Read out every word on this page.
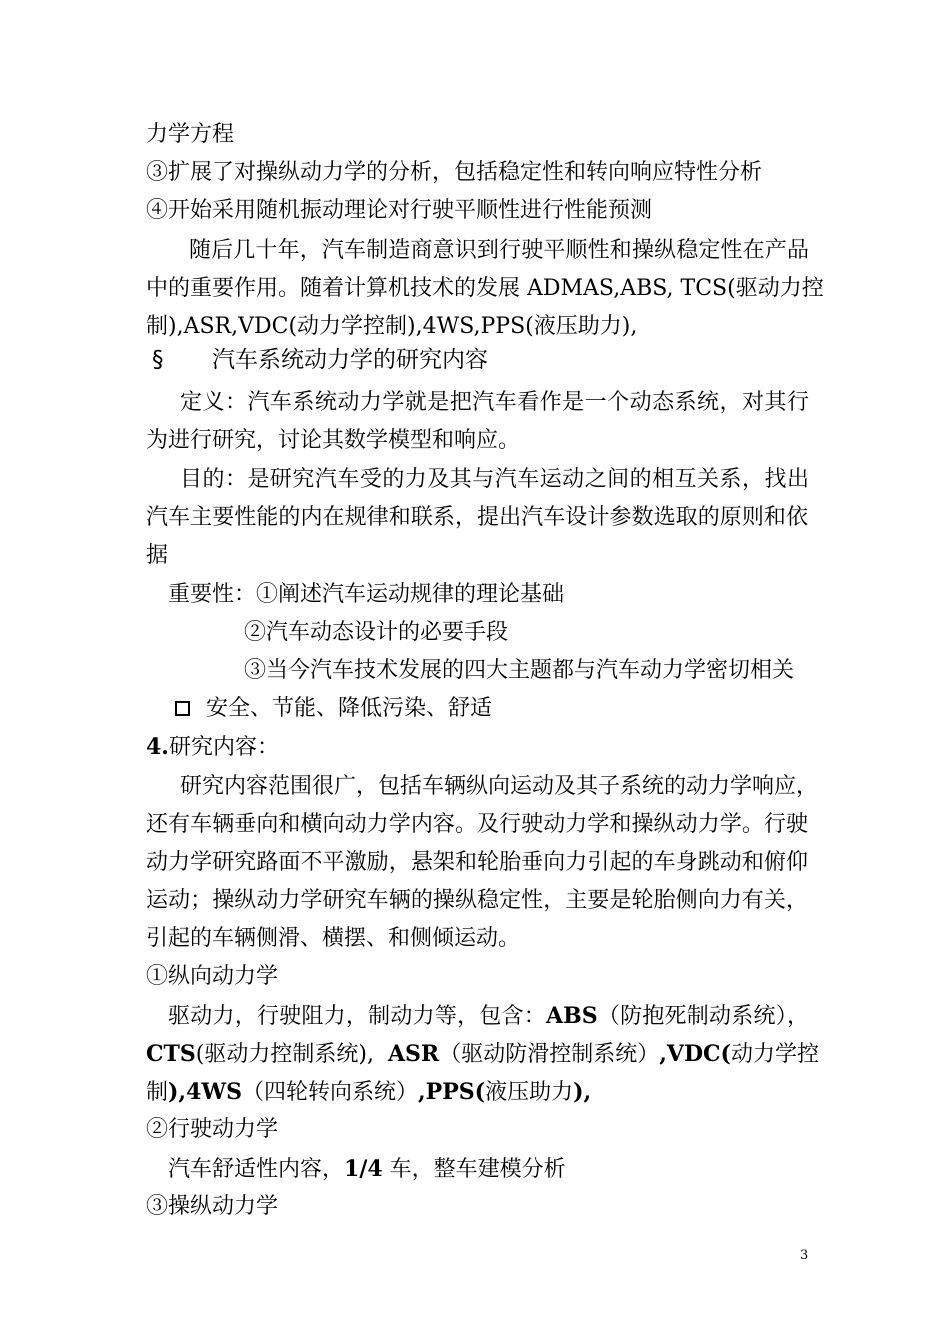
力学方程
③扩展了对操纵动力学的分析，包括稳定性和转向响应特性分析
④开始采用随机振动理论对行驶平顺性进行性能预测
随后几十年，汽车制造商意识到行驶平顺性和操纵稳定性在产品
中的重要作用。随着计算机技术的发展 ADMAS,ABS, TCS(驱动力控
制),ASR,VDC(动力学控制),4WS,PPS(液压助力),
§ 汽车系统动力学的研究内容
定义：汽车系统动力学就是把汽车看作是一个动态系统，对其行
为进行研究，讨论其数学模型和响应。
目的：是研究汽车受的力及其与汽车运动之间的相互关系，找出
汽车主要性能的内在规律和联系，提出汽车设计参数选取的原则和依
据
重要性：①阐述汽车运动规律的理论基础
②汽车动态设计的必要手段
③当今汽车技术发展的四大主题都与汽车动力学密切相关
安全、节能、降低污染、舒适
4.研究内容：
研究内容范围很广，包括车辆纵向运动及其子系统的动力学响应，
还有车辆垂向和横向动力学内容。及行驶动力学和操纵动力学。行驶
动力学研究路面不平激励，悬架和轮胎垂向力引起的车身跳动和俯仰
运动；操纵动力学研究车辆的操纵稳定性，主要是轮胎侧向力有关，
引起的车辆侧滑、横摆、和侧倾运动。
①纵向动力学
驱动力，行驶阻力，制动力等，包含：ABS（防抱死制动系统），
CTS(驱动力控制系统), ASR（驱动防滑控制系统）,VDC(动力学控
制),4WS（四轮转向系统）,PPS(液压助力),
②行驶动力学
汽车舒适性内容，1/4 车，整车建模分析
③操纵动力学
3
